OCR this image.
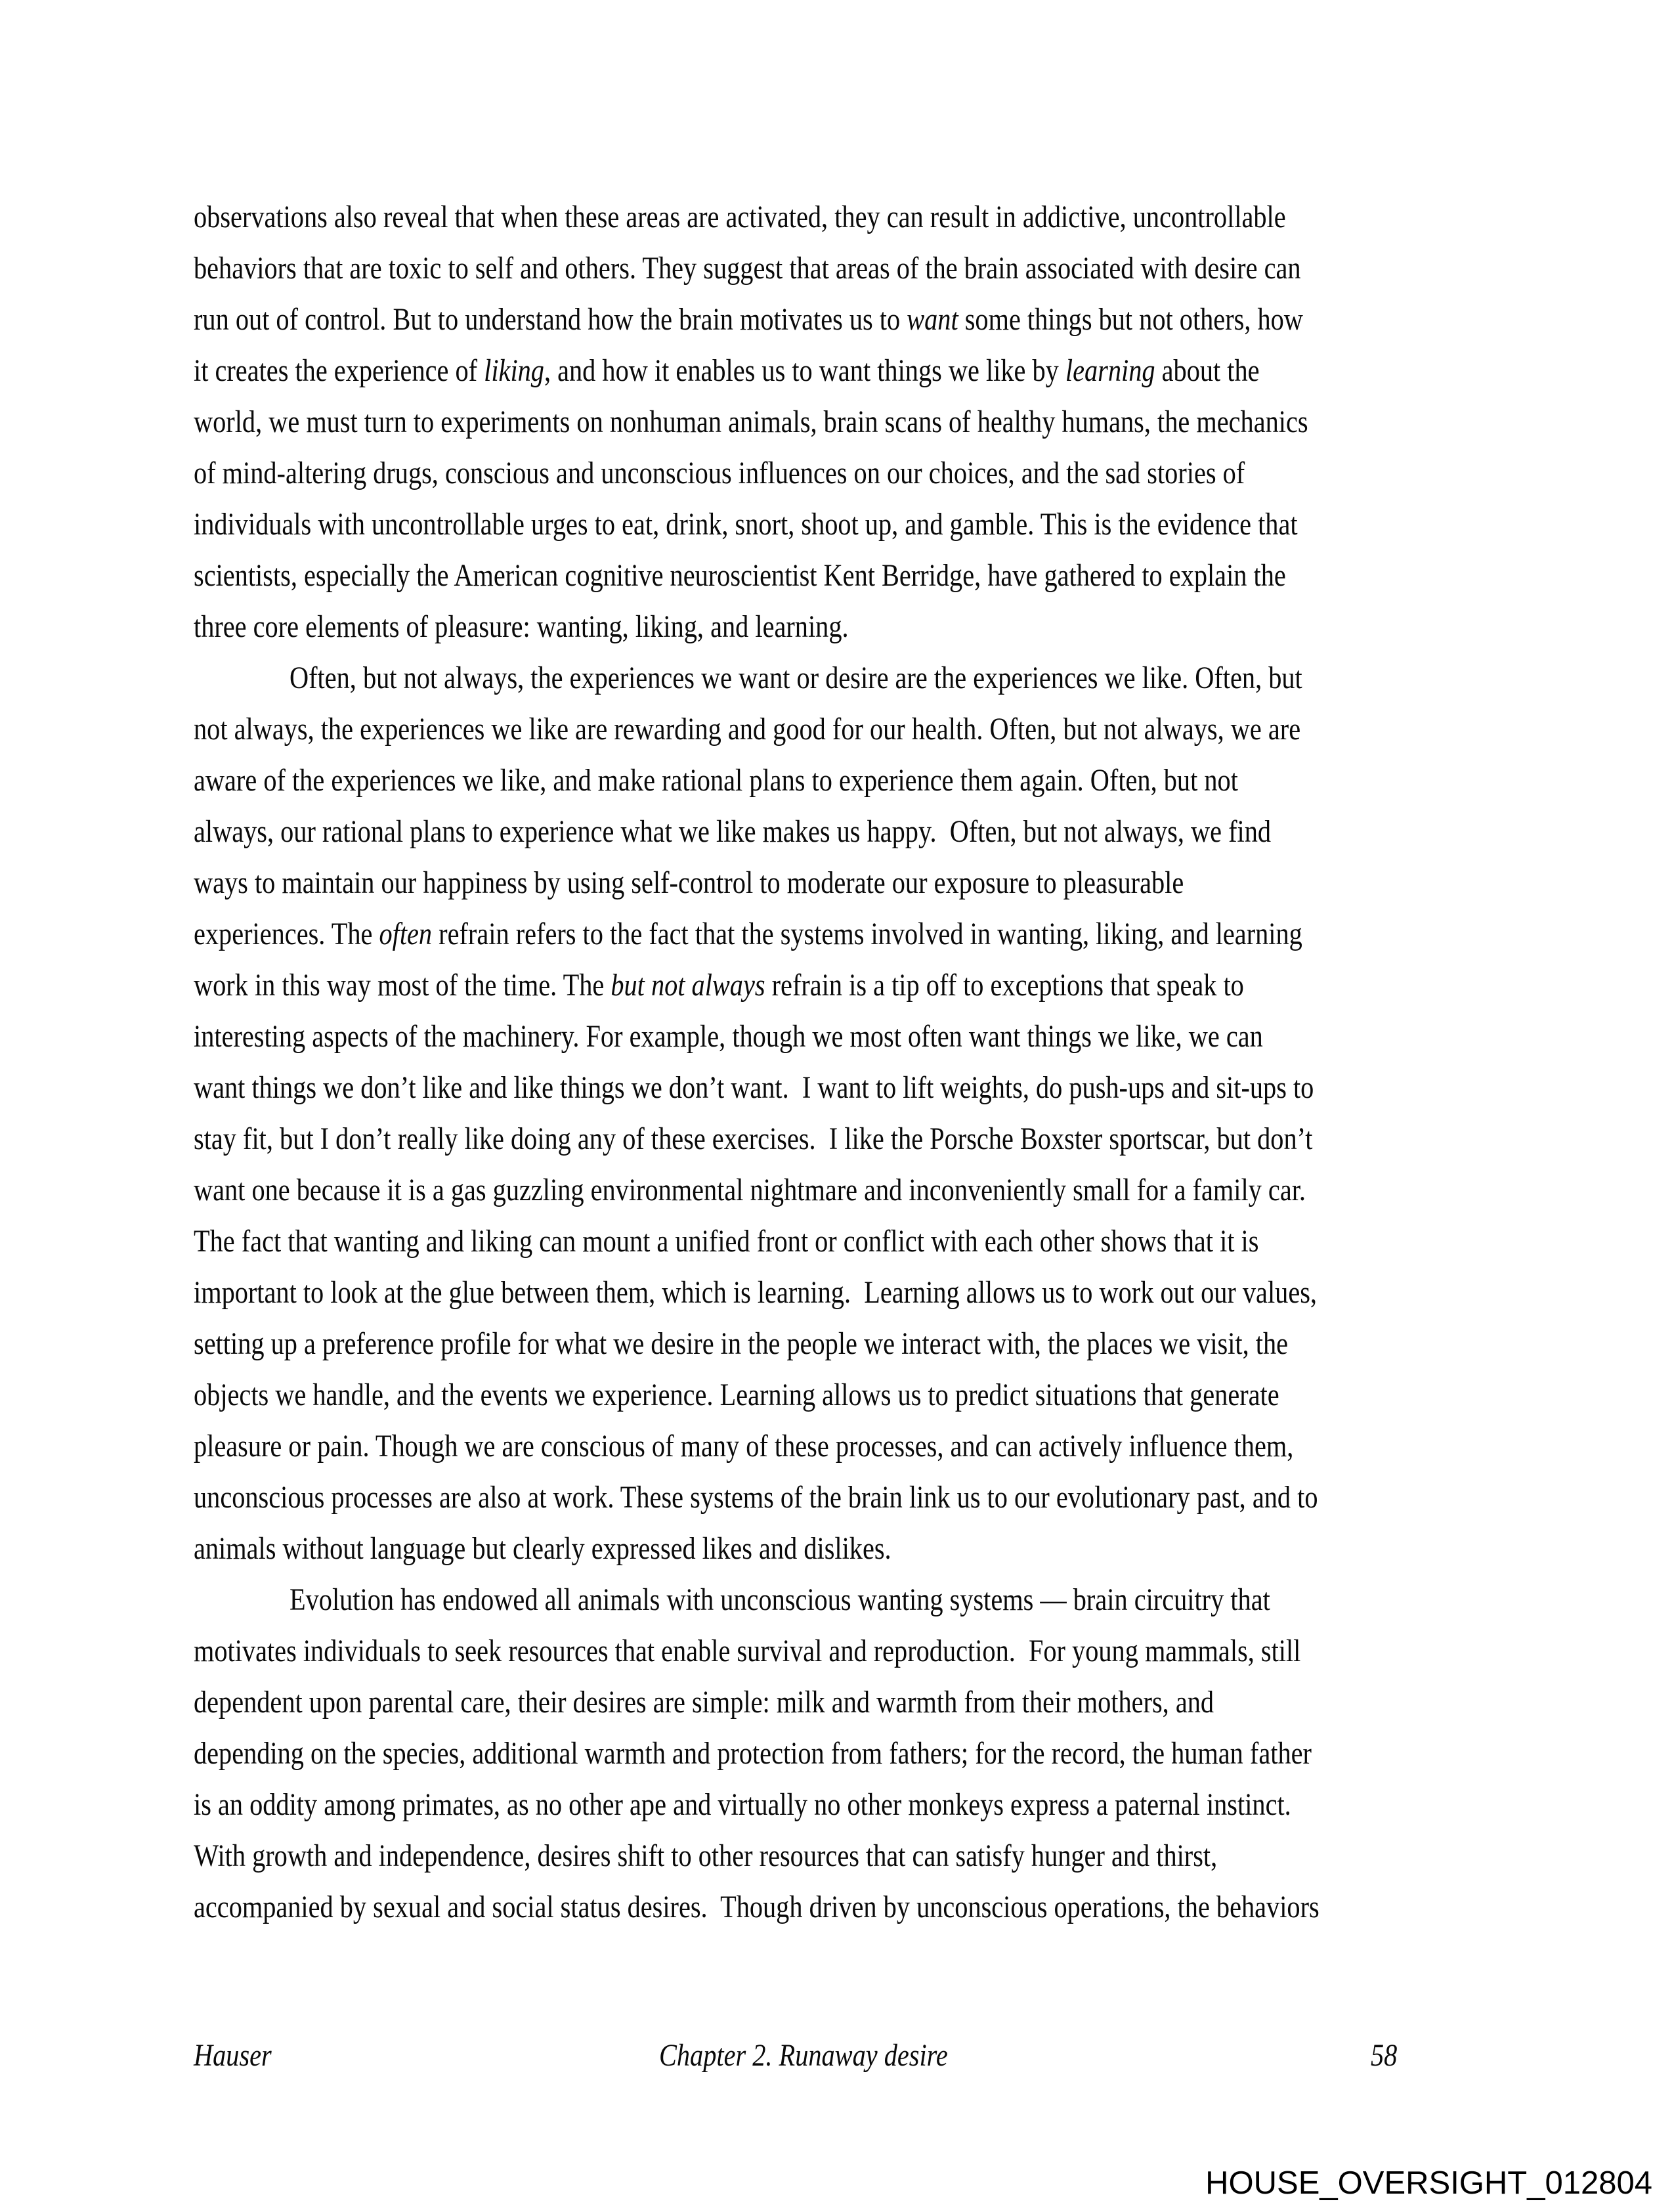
observations also reveal that when these areas are activated, they can result in addictive, uncontrollable
behaviors that are toxic to self and others. They suggest that areas of the brain associated with desire can
run out of control. But to understand how the brain motivates us to want some things but not others, how
it creates the experience of liking, and how it enables us to want things we like by learning about the
world, we must turn to experiments on nonhuman animals, brain scans of healthy humans, the mechanics
of mind-altering drugs, conscious and unconscious influences on our choices, and the sad stories of
individuals with uncontrollable urges to eat, drink, snort, shoot up, and gamble. This is the evidence that
scientists, especially the American cognitive neuroscientist Kent Berridge, have gathered to explain the
three core elements of pleasure: wanting, liking, and learning.
Often, but not always, the experiences we want or desire are the experiences we like. Often, but
not always, the experiences we like are rewarding and good for our health. Often, but not always, we are
aware of the experiences we like, and make rational plans to experience them again. Often, but not
always, our rational plans to experience what we like makes us happy.  Often, but not always, we find
ways to maintain our happiness by using self-control to moderate our exposure to pleasurable
experiences. The often refrain refers to the fact that the systems involved in wanting, liking, and learning
work in this way most of the time. The but not always refrain is a tip off to exceptions that speak to
interesting aspects of the machinery. For example, though we most often want things we like, we can
want things we don’t like and like things we don’t want.  I want to lift weights, do push-ups and sit-ups to
stay fit, but I don’t really like doing any of these exercises.  I like the Porsche Boxster sportscar, but don’t
want one because it is a gas guzzling environmental nightmare and inconveniently small for a family car.
The fact that wanting and liking can mount a unified front or conflict with each other shows that it is
important to look at the glue between them, which is learning.  Learning allows us to work out our values,
setting up a preference profile for what we desire in the people we interact with, the places we visit, the
objects we handle, and the events we experience. Learning allows us to predict situations that generate
pleasure or pain. Though we are conscious of many of these processes, and can actively influence them,
unconscious processes are also at work. These systems of the brain link us to our evolutionary past, and to
animals without language but clearly expressed likes and dislikes.
Evolution has endowed all animals with unconscious wanting systems — brain circuitry that
motivates individuals to seek resources that enable survival and reproduction.  For young mammals, still
dependent upon parental care, their desires are simple: milk and warmth from their mothers, and
depending on the species, additional warmth and protection from fathers; for the record, the human father
is an oddity among primates, as no other ape and virtually no other monkeys express a paternal instinct.
With growth and independence, desires shift to other resources that can satisfy hunger and thirst,
accompanied by sexual and social status desires.  Though driven by unconscious operations, the behaviors
Hauser	Chapter 2. Runaway desire	58
HOUSE_OVERSIGHT_012804
